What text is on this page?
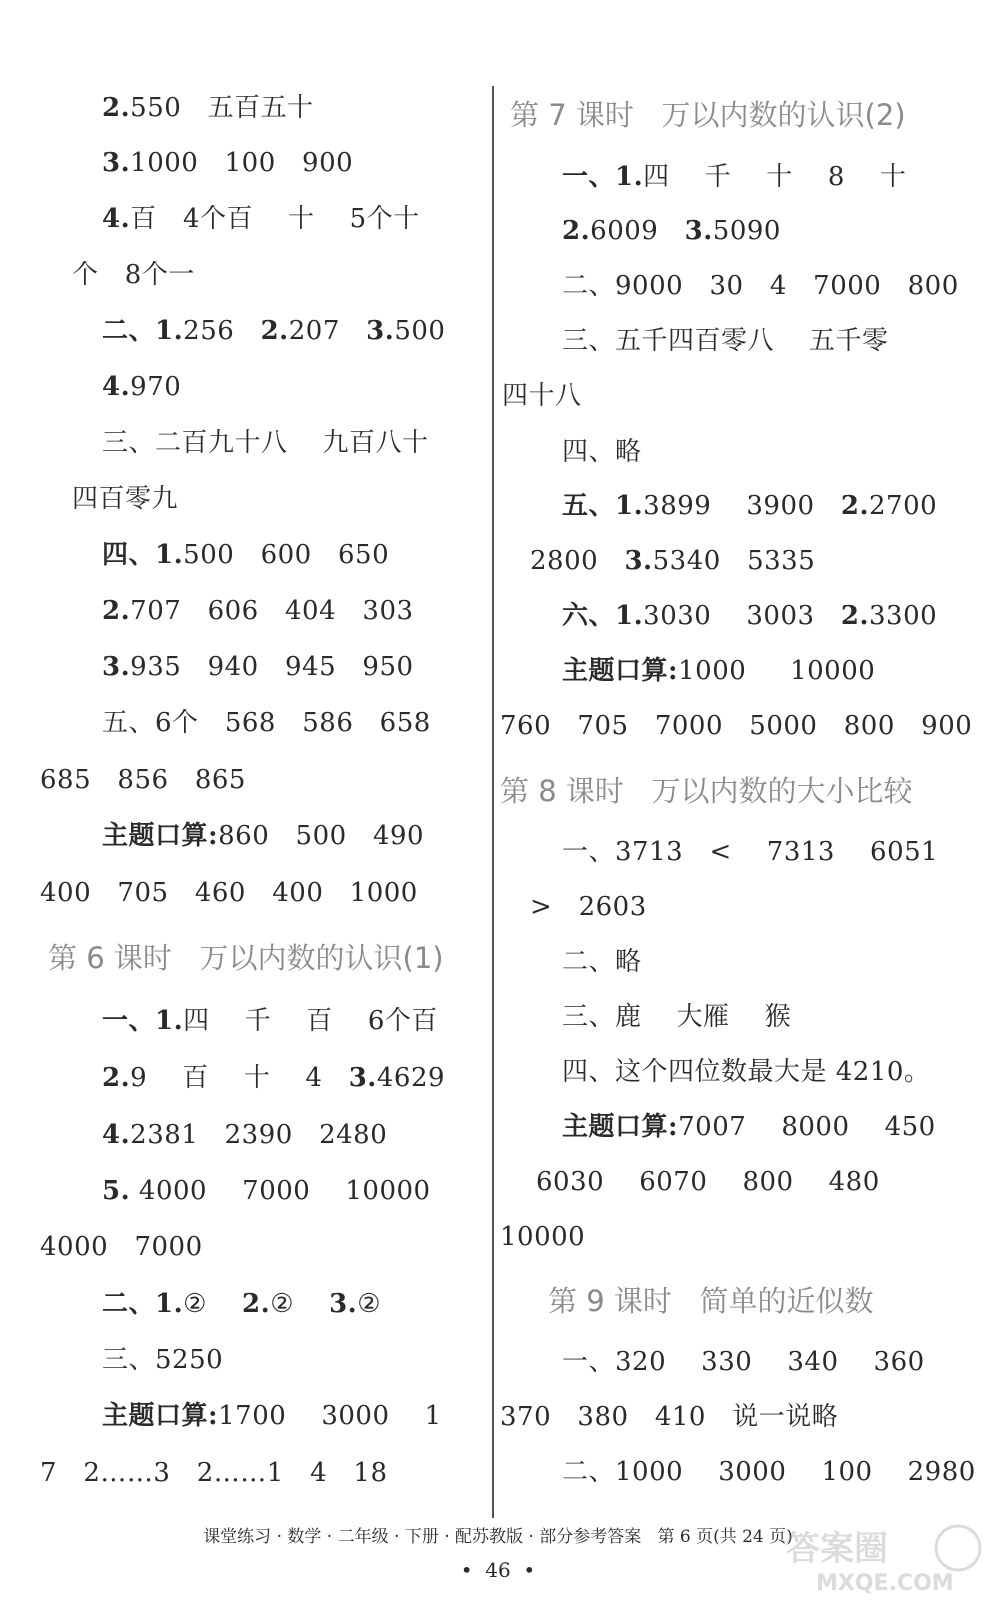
2.550   五百五十
3.1000   100   900
4.百   4个百    十    5个十
个   8个一
二、1.256   2.207   3.500
4.970
三、二百九十八    九百八十
四百零九
四、1.500   600   650
2.707   606   404   303
3.935   940   945   950
五、6个   568   586   658
685   856   865
主题口算:860   500   490
400   705   460   400   1000
第 6 课时   万以内数的认识(1)
一、1.四    千    百    6个百
2.9    百    十    4   3.4629
4.2381   2390   2480
5. 4000    7000    10000
4000   7000
二、1.②    2.②    3.②
三、5250
主题口算:1700    3000    1
7   2……3   2……1   4   18
第 7 课时   万以内数的认识(2)
一、1.四    千    十    8    十
2.6009   3.5090
二、9000   30   4   7000   800
三、五千四百零八    五千零
四十八
四、略
五、1.3899    3900   2.2700
2800   3.5340   5335
六、1.3030    3003   2.3300
主题口算:1000     10000
760   705   7000   5000   800   900
第 8 课时   万以内数的大小比较
一、3713   <    7313    6051
>   2603
二、略
三、鹿    大雁    猴
四、这个四位数最大是 4210。
主题口算:7007    8000    450
6030    6070    800    480
10000
第 9 课时   简单的近似数
一、320    330    340    360
370   380   410   说一说略
二、1000    3000    100    2980
课堂练习 · 数学 · 二年级 · 下册 · 配苏教版 · 部分参考答案   第 6 页(共 24 页)
•  46  •
答案圈
MXQE.COM
